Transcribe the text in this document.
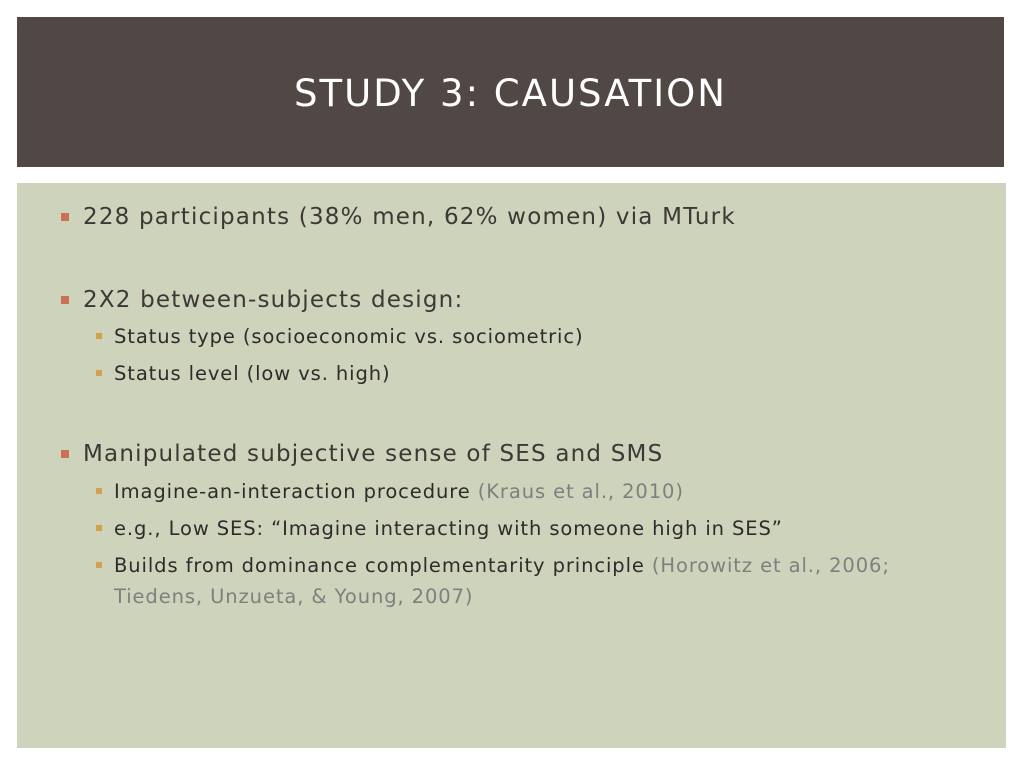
STUDY 3: CAUSATION
228 participants (38% men, 62% women) via MTurk
2X2 between-subjects design:
Status type (socioeconomic vs. sociometric)
Status level (low vs. high)
Manipulated subjective sense of SES and SMS
Imagine-an-interaction procedure (Kraus et al., 2010)
e.g., Low SES: “Imagine interacting with someone high in SES”
Builds from dominance complementarity principle (Horowitz et al., 2006; Tiedens, Unzueta, & Young, 2007)
